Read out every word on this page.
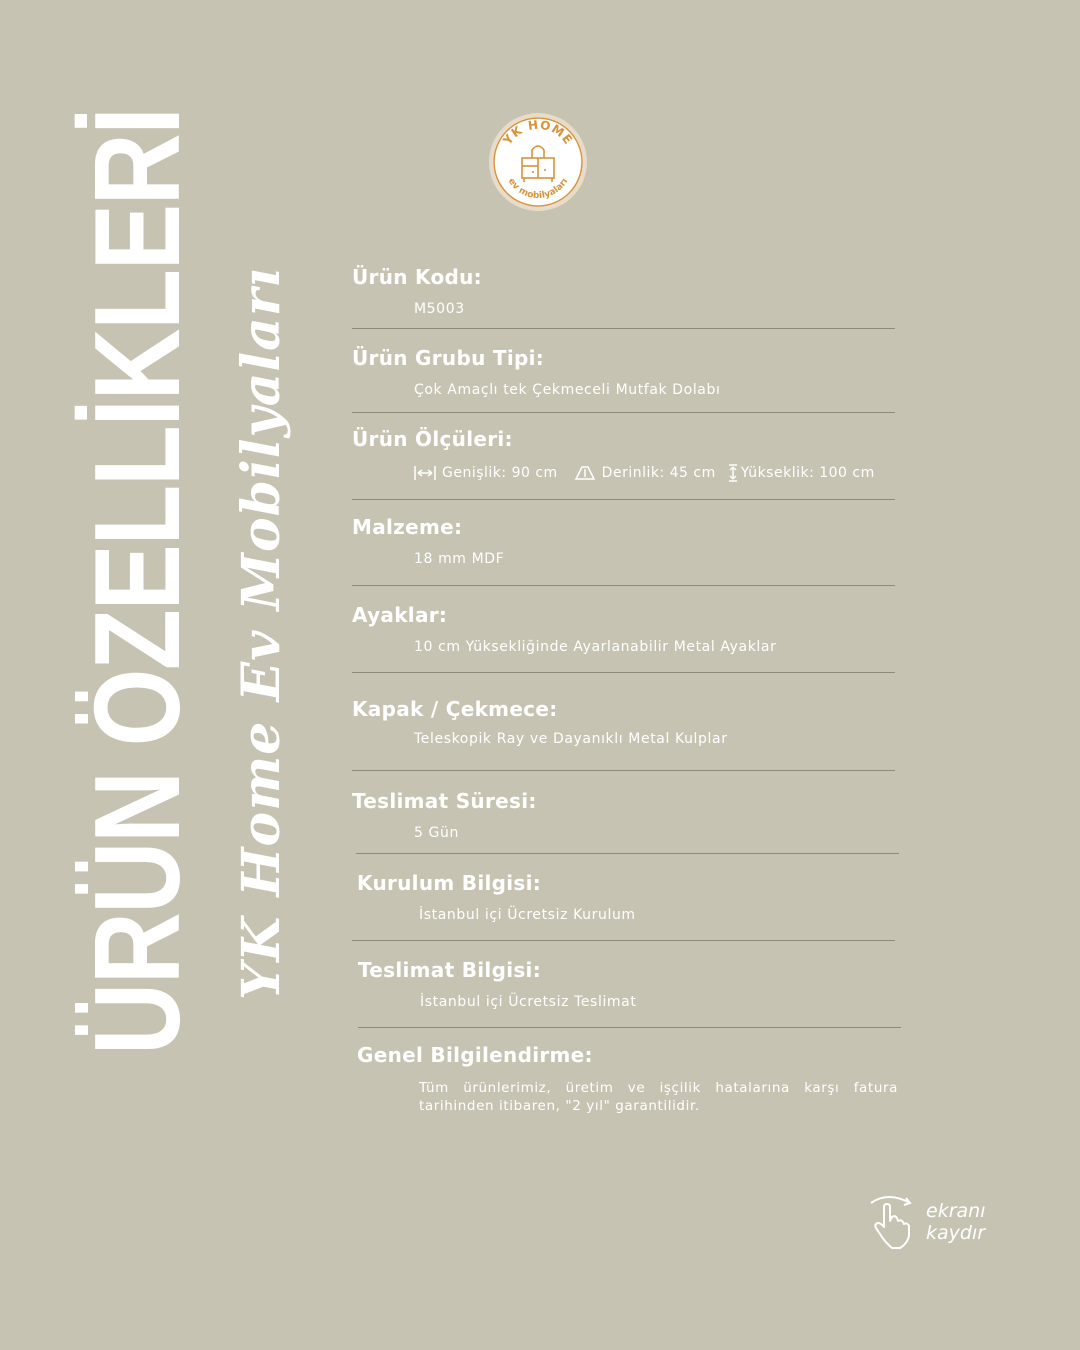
YK HOME
ev mobilyaları
ÜRÜN ÖZELLİKLERİ YK Home Ev Mobilyaları	Ürün Kodu:
M5003
Ürün Grubu Tipi:
Çok Amaçlı tek Çekmeceli Mutfak Dolabı
Ürün Ölçüleri:
Genişlik: 90 cm	Derinlik: 45 cm Yükseklik: 100 cm
Malzeme:
18 mm MDF
Ayaklar:
10 cm Yüksekliğinde Ayarlanabilir Metal Ayaklar
Kapak / Çekmece:
Teleskopik Ray ve Dayanıklı Metal Kulplar
Teslimat Süresi:
5 Gün
Kurulum Bilgisi:
İstanbul içi Ücretsiz Kurulum
Teslimat Bilgisi:
İstanbul içi Ücretsiz Teslimat
Genel Bilgilendirme:
Tüm ürünlerimiz, üretim ve işçilik hatalarına karşı fatura tarihinden itibaren, "2 yıl" garantilidir.
ekranı
kaydır
